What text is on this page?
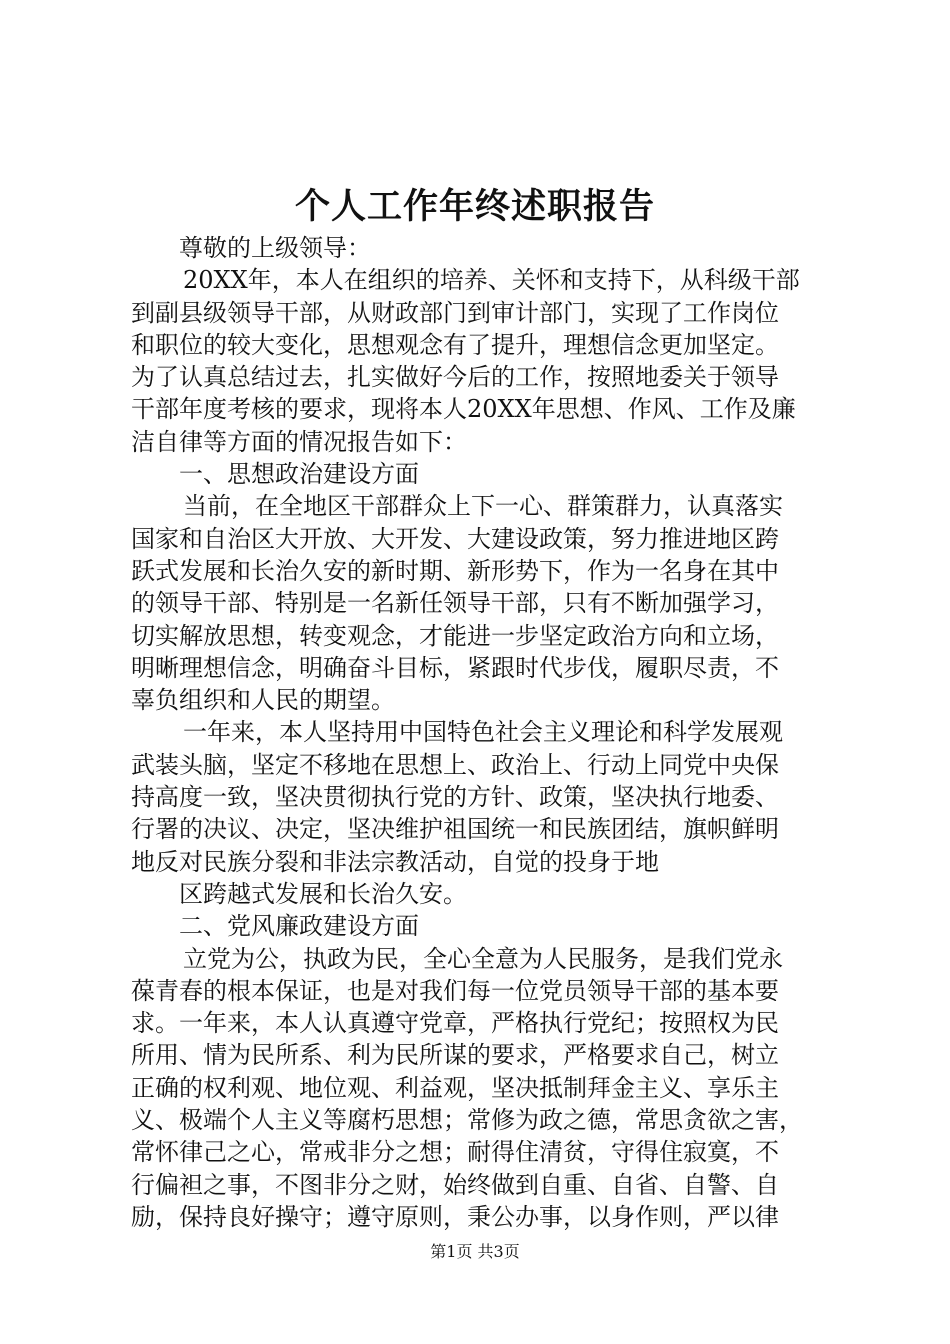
个人工作年终述职报告
尊敬的上级领导：
20XX年，本人在组织的培养、关怀和支持下，从科级干部
到副县级领导干部，从财政部门到审计部门，实现了工作岗位
和职位的较大变化，思想观念有了提升，理想信念更加坚定。
为了认真总结过去，扎实做好今后的工作，按照地委关于领导
干部年度考核的要求，现将本人20XX年思想、作风、工作及廉
洁自律等方面的情况报告如下：
一、思想政治建设方面
当前，在全地区干部群众上下一心、群策群力，认真落实
国家和自治区大开放、大开发、大建设政策，努力推进地区跨
跃式发展和长治久安的新时期、新形势下，作为一名身在其中
的领导干部、特别是一名新任领导干部，只有不断加强学习，
切实解放思想，转变观念，才能进一步坚定政治方向和立场，
明晰理想信念，明确奋斗目标，紧跟时代步伐，履职尽责，不
辜负组织和人民的期望。
一年来，本人坚持用中国特色社会主义理论和科学发展观
武装头脑，坚定不移地在思想上、政治上、行动上同党中央保
持高度一致，坚决贯彻执行党的方针、政策，坚决执行地委、
行署的决议、决定，坚决维护祖国统一和民族团结，旗帜鲜明
地反对民族分裂和非法宗教活动，自觉的投身于地
区跨越式发展和长治久安。
二、党风廉政建设方面
立党为公，执政为民，全心全意为人民服务，是我们党永
葆青春的根本保证，也是对我们每一位党员领导干部的基本要
求。一年来，本人认真遵守党章，严格执行党纪；按照权为民
所用、情为民所系、利为民所谋的要求，严格要求自己，树立
正确的权利观、地位观、利益观，坚决抵制拜金主义、享乐主
义、极端个人主义等腐朽思想；常修为政之德，常思贪欲之害，
常怀律己之心，常戒非分之想；耐得住清贫，守得住寂寞，不
行偏袒之事，不图非分之财，始终做到自重、自省、自警、自
励，保持良好操守；遵守原则，秉公办事，以身作则，严以律
第1页 共3页
